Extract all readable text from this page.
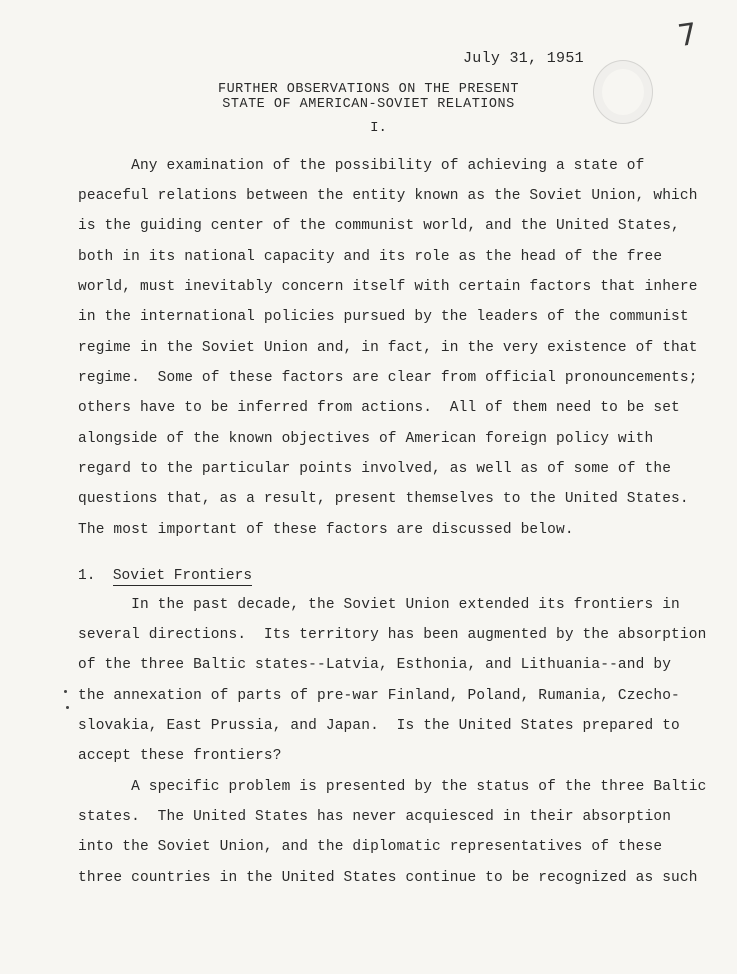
7
July 31, 1951
FURTHER OBSERVATIONS ON THE PRESENT
STATE OF AMERICAN-SOVIET RELATIONS
I.
Any examination of the possibility of achieving a state of
peaceful relations between the entity known as the Soviet Union, which
is the guiding center of the communist world, and the United States,
both in its national capacity and its role as the head of the free
world, must inevitably concern itself with certain factors that inhere
in the international policies pursued by the leaders of the communist
regime in the Soviet Union and, in fact, in the very existence of that
regime.  Some of these factors are clear from official pronouncements;
others have to be inferred from actions.  All of them need to be set
alongside of the known objectives of American foreign policy with
regard to the particular points involved, as well as of some of the
questions that, as a result, present themselves to the United States.
The most important of these factors are discussed below.
1. Soviet Frontiers
In the past decade, the Soviet Union extended its frontiers in
several directions.  Its territory has been augmented by the absorption
of the three Baltic states--Latvia, Esthonia, and Lithuania--and by
the annexation of parts of pre-war Finland, Poland, Rumania, Czecho-
slovakia, East Prussia, and Japan.  Is the United States prepared to
accept these frontiers?
A specific problem is presented by the status of the three Baltic
states.  The United States has never acquiesced in their absorption
into the Soviet Union, and the diplomatic representatives of these
three countries in the United States continue to be recognized as such
